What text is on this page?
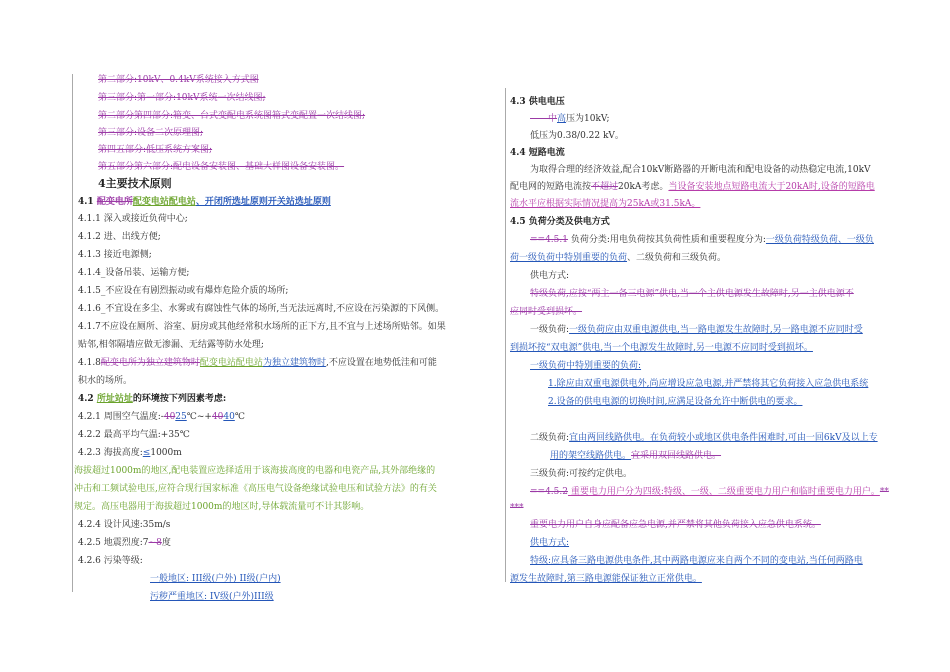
第二部分:10kV、0.4kV系统接入方式图
第三部分:第一部分:10kV系统一次结线图;
第二部分第四部分:箱变、台式变配电系统图箱式变配置一次结线图;
第三部分:设备二次原理图;
第四五部分:低压系统方案图;
第五部分第六部分:配电设备安装图、基础大样图设备安装图。
4主要技术原则
4.1 配变电所配变电站配电站、开闭所选址原则开关站选址原则
4.1.1 深入或接近负荷中心;
4.1.2 进、出线方便;
4.1.3 接近电源侧;
4.1.4_设备吊装、运输方便;
4.1.5_不应设在有剧烈振动或有爆炸危险介质的场所;
4.1.6_不宜设在多尘、水雾或有腐蚀性气体的场所,当无法远离时,不应设在污染源的下风侧。
4.1.7不应设在厕所、浴室、厨房或其他经常积水场所的正下方,且不宜与上述场所贴邻。如果
贴邻,相邻隔墙应做无渗漏、无结露等防水处理;
4.1.8配变电所为独立建筑物时配变电站配电站为独立建筑物时,不应设置在地势低洼和可能
积水的场所。
4.2 所址站址的环境按下列因素考虑:
4.2.1 周围空气温度:-4025℃~+4040℃
4.2.2 最高平均气温:+35℃
4.2.3 海拔高度:≤1000m
海拔超过1000m的地区,配电装置应选择适用于该海拔高度的电器和电瓷产品,其外部绝缘的
冲击和工频试验电压,应符合现行国家标准《高压电气设备绝缘试验电压和试验方法》的有关
规定。高压电器用于海拔超过1000m的地区时,导体载流量可不计其影响。
4.2.4 设计风速:35m/s
4.2.5 地震烈度:7~8度
4.2.6 污染等级:
一般地区: III级(户外) II级(户内)
污秽严重地区: IV级(户外)III级
4.3 供电电压
——中高压为10kV;
低压为0.38/0.22 kV。
4.4 短路电流
为取得合理的经济效益,配合10kV断路器的开断电流和配电设备的动热稳定电流,10kV
配电网的短路电流按不超过20kA考虑。当设备安装地点短路电流大于20kA时,设备的短路电
流水平应根据实际情况提高为25kA或31.5kA。
4.5 负荷分类及供电方式
==4.5.1 负荷分类:用电负荷按其负荷性质和重要程度分为:一级负荷特级负荷、一级负
荷一级负荷中特别重要的负荷、二级负荷和三级负荷。
供电方式:
特级负荷,应按“两主一备三电源”供电,当一个主供电源发生故障时,另一主供电源不
应同时受到损坏。
一级负荷:一级负荷应由双重电源供电,当一路电源发生故障时,另一路电源不应同时受
到损坏按“双电源”供电,当一个电源发生故障时,另一电源不应同时受到损坏。
一级负荷中特别重要的负荷:
1.除应由双重电源供电外,尚应增设应急电源,并严禁将其它负荷接入应急供电系统
2.设备的供电电源的切换时间,应满足设备允许中断供电的要求。
二级负荷:宜由两回线路供电。在负荷较小或地区供电条件困难时,可由一回6kV及以上专
用的架空线路供电。宜采用双回线路供电。
三级负荷:可按约定供电。
==4.5.2 重要电力用户分为四级:特级、一级、二级重要电力用户和临时重要电力用户。**
***
重要电力用户自身应配备应急电源,并严禁将其他负荷接入应急供电系统。
供电方式:
特级:应具备三路电源供电条件,其中两路电源应来自两个不同的变电站,当任何两路电
源发生故障时,第三路电源能保证独立正常供电。
